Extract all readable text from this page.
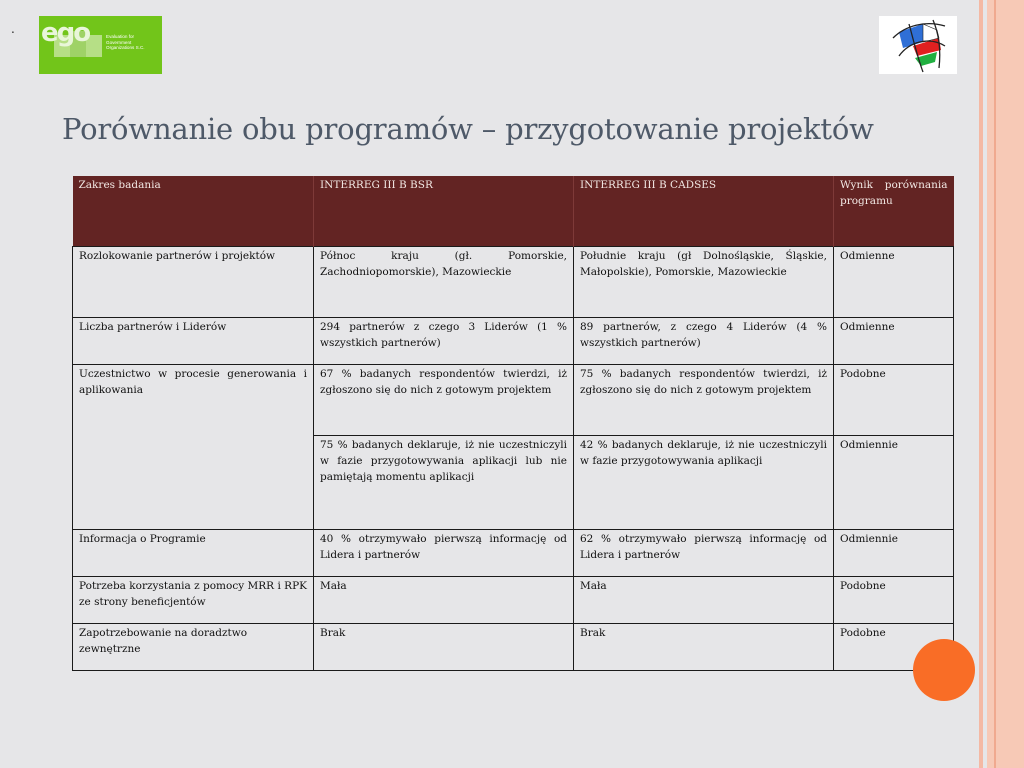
. ego	Evaluation for
Government
Organizations S.C.
Porównanie obu programów – przygotowanie projektów
Zakres badania	INTERREG III B BSR	INTERREG III B CADSES	Wynik porównania programu
Rozlokowanie partnerów i projektów	Północ kraju (gł. Pomorskie, Zachodniopomorskie), Mazowieckie	Południe kraju (gł Dolnośląskie, Śląskie, Małopolskie), Pomorskie, Mazowieckie	Odmienne
Liczba partnerów i Liderów	294 partnerów z czego 3 Liderów (1 % wszystkich partnerów)	89 partnerów, z czego 4 Liderów (4 % wszystkich partnerów)	Odmienne
Uczestnictwo w procesie generowania i aplikowania	67 % badanych respondentów twierdzi, iż zgłoszono się do nich z gotowym projektem	75 % badanych respondentów twierdzi, iż zgłoszono się do nich z gotowym projektem	Podobne
	75 % badanych deklaruje, iż nie uczestniczyli w fazie przygotowywania aplikacji lub nie pamiętają momentu aplikacji	42 % badanych deklaruje, iż nie uczestniczyli w fazie przygotowywania aplikacji	Odmiennie
Informacja o Programie	40 % otrzymywało pierwszą informację od Lidera i partnerów	62 % otrzymywało pierwszą informację od Lidera i partnerów	Odmiennie
Potrzeba korzystania z pomocy MRR i RPK ze strony beneficjentów	Mała	Mała	Podobne
Zapotrzebowanie na doradztwo zewnętrzne	Brak	Brak	Podobne
